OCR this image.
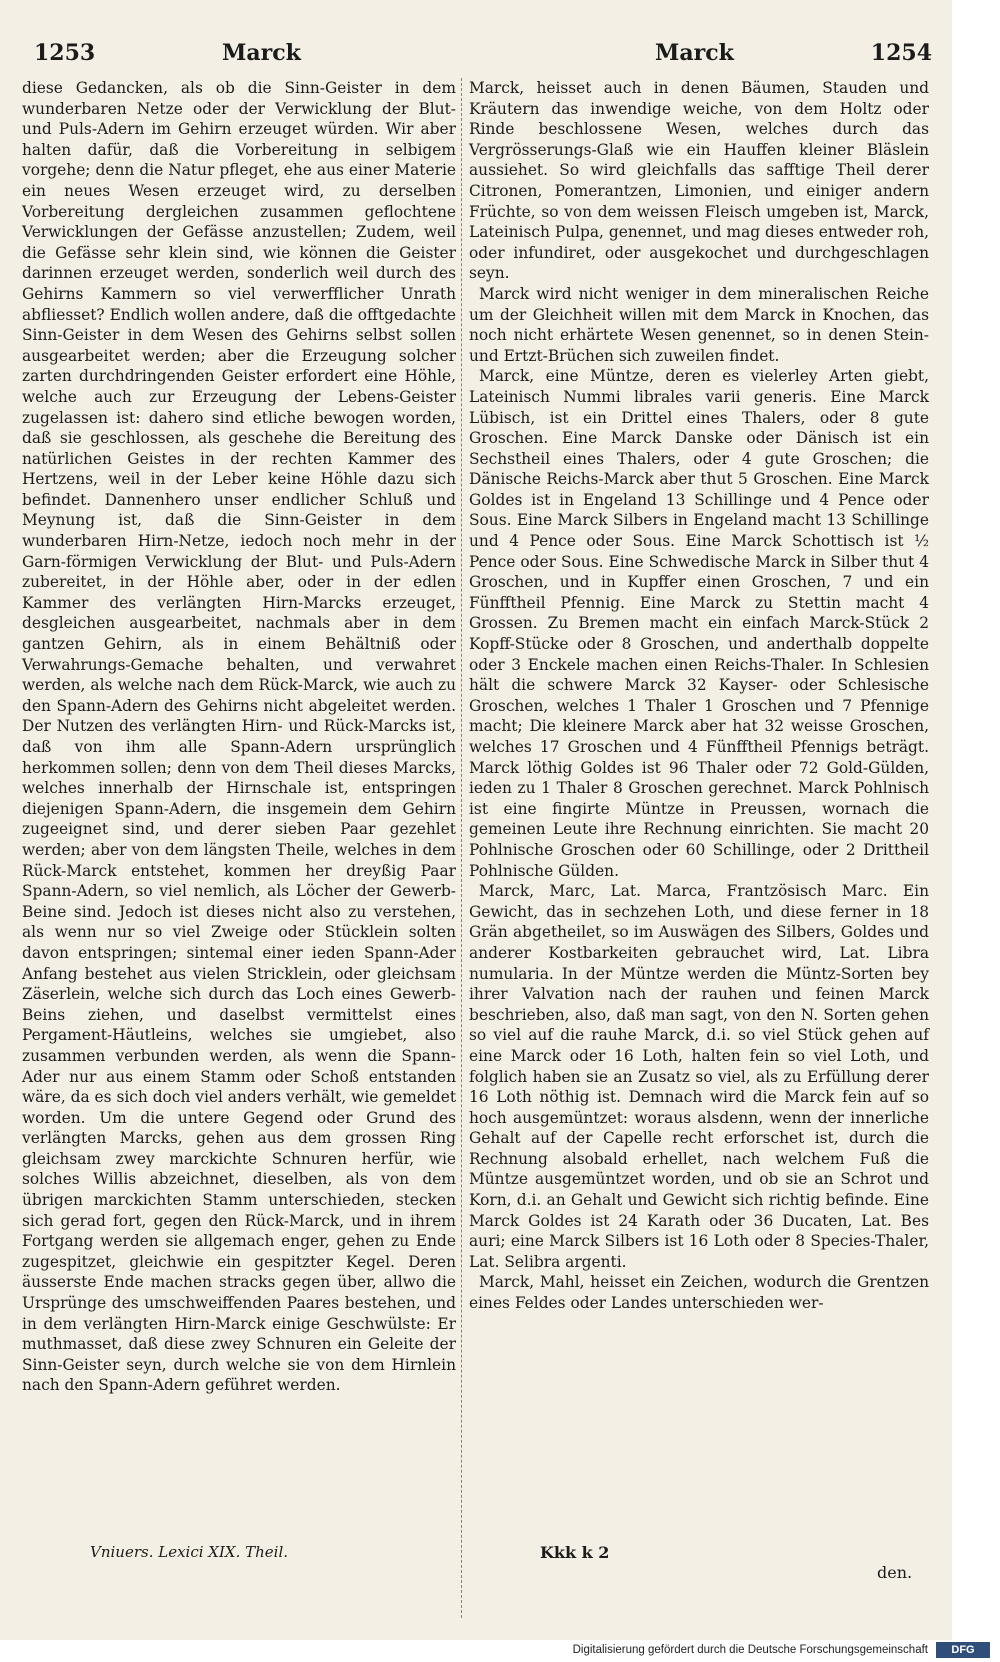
1253	Marck	Marck	1254

diese Gedancken, als ob die Sinn-Geister in dem wunderbaren Netze oder der Verwicklung der Blut- und Puls-Adern im Gehirn erzeuget würden. Wir aber halten dafür, daß die Vorbereitung in selbigem vorgehe; denn die Natur pfleget, ehe aus einer Materie ein neues Wesen erzeuget wird, zu derselben Vorbereitung dergleichen zusammen geflochtene Verwicklungen der Gefässe anzustellen; Zudem, weil die Gefässe sehr klein sind, wie können die Geister darinnen erzeuget werden, sonderlich weil durch des Gehirns Kammern so viel verwerfflicher Unrath abfliesset? Endlich wollen andere, daß die offtgedachte Sinn-Geister in dem Wesen des Gehirns selbst sollen ausgearbeitet werden; aber die Erzeugung solcher zarten durchdringenden Geister erfordert eine Höhle, welche auch zur Erzeugung der Lebens-Geister zugelassen ist: dahero sind etliche bewogen worden, daß sie geschlossen, als geschehe die Bereitung des natürlichen Geistes in der rechten Kammer des Hertzens, weil in der Leber keine Höhle dazu sich befindet. Dannenhero unser endlicher Schluß und Meynung ist, daß die Sinn-Geister in dem wunderbaren Hirn-Netze, iedoch noch mehr in der Garn-förmigen Verwicklung der Blut- und Puls-Adern zubereitet, in der Höhle aber, oder in der edlen Kammer des verlängten Hirn-Marcks erzeuget, desgleichen ausgearbeitet, nachmals aber in dem gantzen Gehirn, als in einem Behältniß oder Verwahrungs-Gemache behalten, und verwahret werden, als welche nach dem Rück-Marck, wie auch zu den Spann-Adern des Gehirns nicht abgeleitet werden. Der Nutzen des verlängten Hirn- und Rück-Marcks ist, daß von ihm alle Spann-Adern ursprünglich herkommen sollen; denn von dem Theil dieses Marcks, welches innerhalb der Hirnschale ist, entspringen diejenigen Spann-Adern, die insgemein dem Gehirn zugeeignet sind, und derer sieben Paar gezehlet werden; aber von dem längsten Theile, welches in dem Rück-Marck entstehet, kommen her dreyßig Paar Spann-Adern, so viel nemlich, als Löcher der Gewerb-Beine sind. Jedoch ist dieses nicht also zu verstehen, als wenn nur so viel Zweige oder Stücklein solten davon entspringen; sintemal einer ieden Spann-Ader Anfang bestehet aus vielen Stricklein, oder gleichsam Zäserlein, welche sich durch das Loch eines Gewerb-Beins ziehen, und daselbst vermittelst eines Pergament-Häutleins, welches sie umgiebet, also zusammen verbunden werden, als wenn die Spann-Ader nur aus einem Stamm oder Schoß entstanden wäre, da es sich doch viel anders verhält, wie gemeldet worden. Um die untere Gegend oder Grund des verlängten Marcks, gehen aus dem grossen Ring gleichsam zwey marckichte Schnuren herfür, wie solches Willis abzeichnet, dieselben, als von dem übrigen marckichten Stamm unterschieden, stecken sich gerad fort, gegen den Rück-Marck, und in ihrem Fortgang werden sie allgemach enger, gehen zu Ende zugespitzet, gleichwie ein gespitzter Kegel. Deren äusserste Ende machen stracks gegen über, allwo die Ursprünge des umschweiffenden Paares bestehen, und in dem verlängten Hirn-Marck einige Geschwülste: Er muthmasset, daß diese zwey Schnuren ein Geleite der Sinn-Geister seyn, durch welche sie von dem Hirnlein nach den Spann-Adern geführet werden.

Marck, heisset auch in denen Bäumen, Stauden und Kräutern das inwendige weiche, von dem Holtz oder Rinde beschlossene Wesen, welches durch das Vergrösserungs-Glaß wie ein Hauffen kleiner Bläslein aussiehet. So wird gleichfalls das safftige Theil derer Citronen, Pomerantzen, Limonien, und einiger andern Früchte, so von dem weissen Fleisch umgeben ist, Marck, Lateinisch Pulpa, genennet, und mag dieses entweder roh, oder infundiret, oder ausgekochet und durchgeschlagen seyn.

Marck wird nicht weniger in dem mineralischen Reiche um der Gleichheit willen mit dem Marck in Knochen, das noch nicht erhärtete Wesen genennet, so in denen Stein- und Ertzt-Brüchen sich zuweilen findet.

Marck, eine Müntze, deren es vielerley Arten giebt, Lateinisch Nummi librales varii generis. Eine Marck Lübisch, ist ein Drittel eines Thalers, oder 8 gute Groschen. Eine Marck Danske oder Dänisch ist ein Sechstheil eines Thalers, oder 4 gute Groschen; die Dänische Reichs-Marck aber thut 5 Groschen. Eine Marck Goldes ist in Engeland 13 Schillinge und 4 Pence oder Sous. Eine Marck Silbers in Engeland macht 13 Schillinge und 4 Pence oder Sous. Eine Marck Schottisch ist ½ Pence oder Sous. Eine Schwedische Marck in Silber thut 4 Groschen, und in Kupffer einen Groschen, 7 und ein Fünfftheil Pfennig. Eine Marck zu Stettin macht 4 Grossen. Zu Bremen macht ein einfach Marck-Stück 2 Kopff-Stücke oder 8 Groschen, und anderthalb doppelte oder 3 Enckele machen einen Reichs-Thaler. In Schlesien hält die schwere Marck 32 Kayser- oder Schlesische Groschen, welches 1 Thaler 1 Groschen und 7 Pfennige macht; Die kleinere Marck aber hat 32 weisse Groschen, welches 17 Groschen und 4 Fünfftheil Pfennigs beträgt. Marck löthig Goldes ist 96 Thaler oder 72 Gold-Gülden, ieden zu 1 Thaler 8 Groschen gerechnet. Marck Pohlnisch ist eine fingirte Müntze in Preussen, wornach die gemeinen Leute ihre Rechnung einrichten. Sie macht 20 Pohlnische Groschen oder 60 Schillinge, oder 2 Drittheil Pohlnische Gülden.

Marck, Marc, Lat. Marca, Frantzösisch Marc. Ein Gewicht, das in sechzehen Loth, und diese ferner in 18 Grän abgetheilet, so im Auswägen des Silbers, Goldes und anderer Kostbarkeiten gebrauchet wird, Lat. Libra numularia. In der Müntze werden die Müntz-Sorten bey ihrer Valvation nach der rauhen und feinen Marck beschrieben, also, daß man sagt, von den N. Sorten gehen so viel auf die rauhe Marck, d.i. so viel Stück gehen auf eine Marck oder 16 Loth, halten fein so viel Loth, und folglich haben sie an Zusatz so viel, als zu Erfüllung derer 16 Loth nöthig ist. Demnach wird die Marck fein auf so hoch ausgemüntzet: woraus alsdenn, wenn der innerliche Gehalt auf der Capelle recht erforschet ist, durch die Rechnung alsobald erhellet, nach welchem Fuß die Müntze ausgemüntzet worden, und ob sie an Schrot und Korn, d.i. an Gehalt und Gewicht sich richtig befinde. Eine Marck Goldes ist 24 Karath oder 36 Ducaten, Lat. Bes auri; eine Marck Silbers ist 16 Loth oder 8 Species-Thaler, Lat. Selibra argenti.

Marck, Mahl, heisset ein Zeichen, wodurch die Grentzen eines Feldes oder Landes unterschieden wer-

Vniuers. Lexici XIX. Theil.	Kkk k 2
den.
Digitalisierung gefördert durch die Deutsche Forschungsgemeinschaft	DFG
